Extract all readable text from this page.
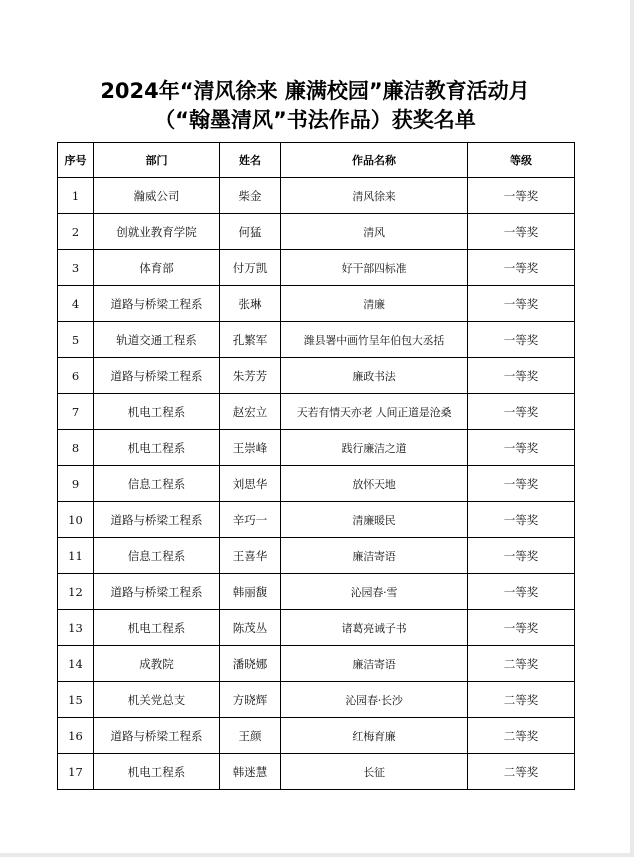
2024年“清风徐来 廉满校园”廉洁教育活动月
（“翰墨清风”书法作品）获奖名单
序号	部门	姓名	作品名称	等级
1	瀚威公司	柴金	清风徐来	一等奖
2	创就业教育学院	何猛	清风	一等奖
3	体育部	付万凯	好干部四标准	一等奖
4	道路与桥梁工程系	张琳	清廉	一等奖
5	轨道交通工程系	孔繁军	潍县署中画竹呈年伯包大丞括	一等奖
6	道路与桥梁工程系	朱芳芳	廉政书法	一等奖
7	机电工程系	赵宏立	天若有情天亦老 人间正道是沧桑	一等奖
8	机电工程系	王崇峰	践行廉洁之道	一等奖
9	信息工程系	刘思华	放怀天地	一等奖
10	道路与桥梁工程系	辛巧一	清廉暖民	一等奖
11	信息工程系	王喜华	廉洁寄语	一等奖
12	道路与桥梁工程系	韩丽馥	沁园春·雪	一等奖
13	机电工程系	陈茂丛	诸葛亮诫子书	一等奖
14	成教院	潘晓娜	廉洁寄语	二等奖
15	机关党总支	方晓辉	沁园春·长沙	二等奖
16	道路与桥梁工程系	王颜	红梅育廉	二等奖
17	机电工程系	韩迷慧	长征	二等奖
